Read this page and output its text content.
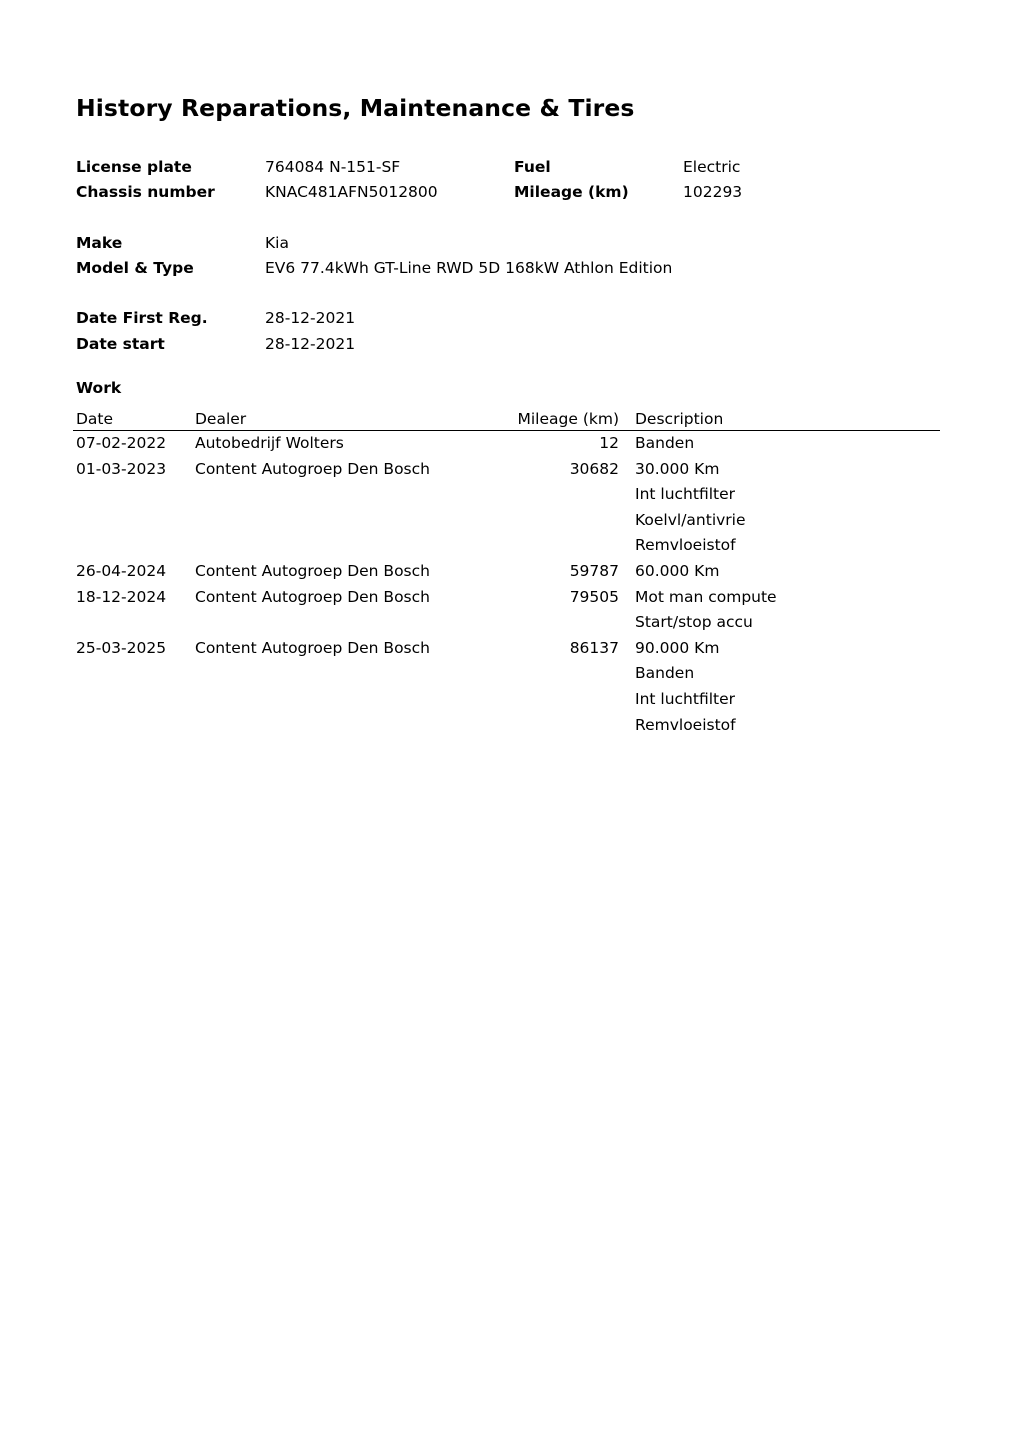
History Reparations, Maintenance & Tires
License plate	764084 N-151-SF	Fuel	Electric
Chassis number	KNAC481AFN5012800	Mileage (km)	102293
Make	Kia
Model & Type	EV6 77.4kWh GT-Line RWD 5D 168kW Athlon Edition
Date First Reg.	28-12-2021
Date start	28-12-2021
Work
Date	Dealer	Mileage (km) Description
07-02-2022 Autobedrijf Wolters	12 Banden
01-03-2023 Content Autogroep Den Bosch	30682 30.000 Km
Int luchtfilter
Koelvl/antivrie
Remvloeistof
26-04-2024 Content Autogroep Den Bosch	59787 60.000 Km
18-12-2024 Content Autogroep Den Bosch	79505 Mot man compute
Start/stop accu
25-03-2025 Content Autogroep Den Bosch	86137 90.000 Km
Banden
Int luchtfilter
Remvloeistof
